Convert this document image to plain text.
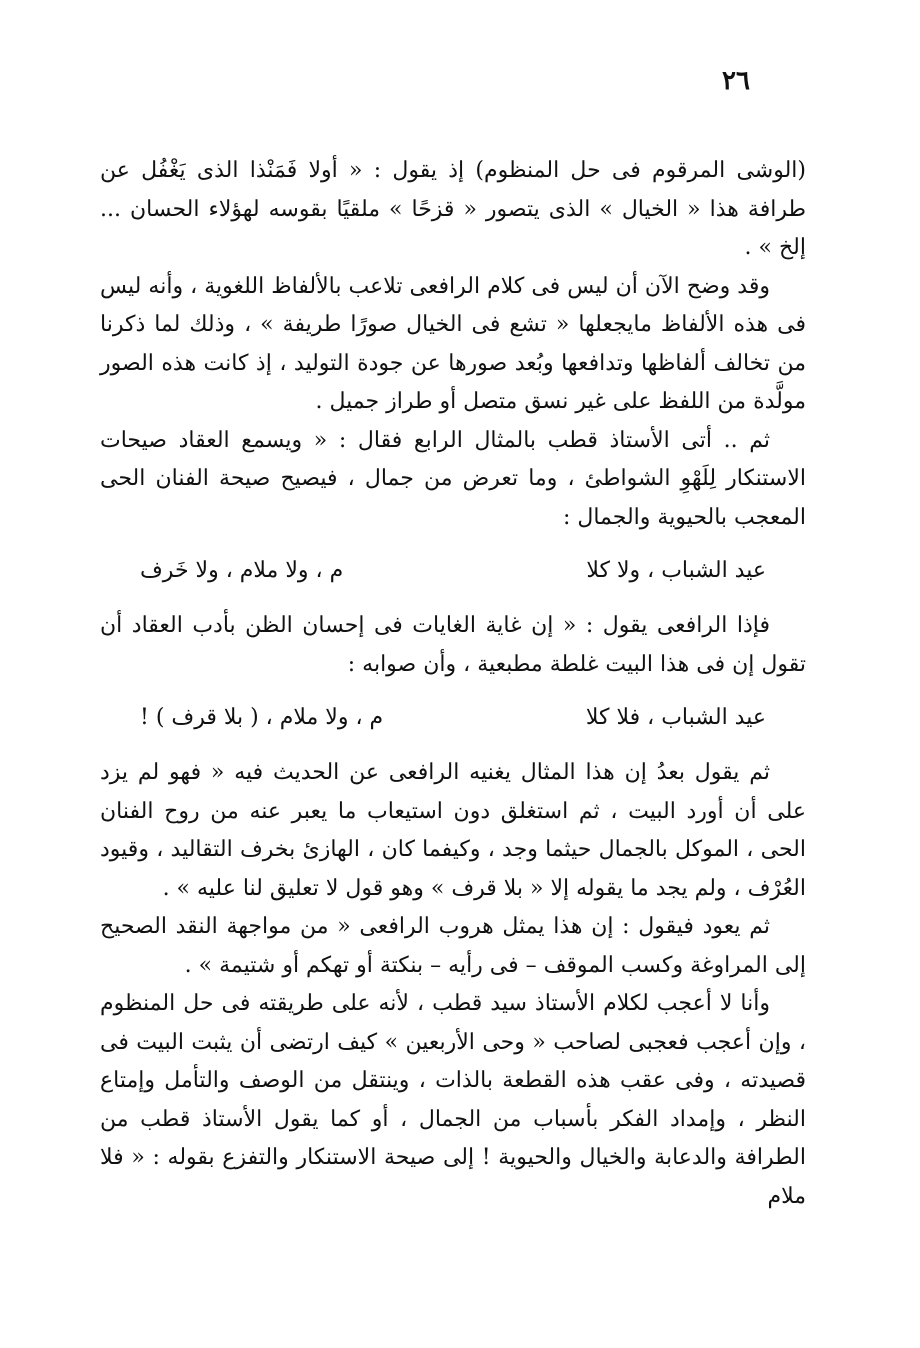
٢٦

(الوشى المرقوم فى حل المنظوم) إذ يقول : « أولا فَمَنْذا الذى يَغْفُل عن طرافة هذا « الخيال » الذى يتصور « قزحًا » ملقيًا بقوسه لهؤلاء الحسان ... إلخ » .

وقد وضح الآن أن ليس فى كلام الرافعى تلاعب بالألفاظ اللغوية ، وأنه ليس فى هذه الألفاظ مايجعلها « تشع فى الخيال صورًا طريفة » ، وذلك لما ذكرنا من تخالف ألفاظها وتدافعها وبُعد صورها عن جودة التوليد ، إذ كانت هذه الصور مولَّدة من اللفظ على غير نسق متصل أو طراز جميل .

ثم .. أتى الأستاذ قطب بالمثال الرابع فقال : « ويسمع العقاد صيحات الاستنكار لِلَهْوِ الشواطئ ، وما تعرض من جمال ، فيصيح صيحة الفنان الحى المعجب بالحيوية والجمال :

عيد الشباب ، ولا كلا
م ، ولا ملام ، ولا خَرف

فإذا الرافعى يقول : « إن غاية الغايات فى إحسان الظن بأدب العقاد أن تقول إن فى هذا البيت غلطة مطبعية ، وأن صوابه :

عيد الشباب ، فلا كلا
م ، ولا ملام ، ( بلا قرف ) !

ثم يقول بعدُ إن هذا المثال يغنيه الرافعى عن الحديث فيه « فهو لم يزد على أن أورد البيت ، ثم استغلق دون استيعاب ما يعبر عنه من روح الفنان الحى ، الموكل بالجمال حيثما وجد ، وكيفما كان ، الهازئ بخرف التقاليد ، وقيود العُرْف ، ولم يجد ما يقوله إلا « بلا قرف » وهو قول لا تعليق لنا عليه » .

ثم يعود فيقول : إن هذا يمثل هروب الرافعى « من مواجهة النقد الصحيح إلى المراوغة وكسب الموقف – فى رأيه – بنكتة أو تهكم أو شتيمة » .

وأنا لا أعجب لكلام الأستاذ سيد قطب ، لأنه على طريقته فى حل المنظوم ، وإن أعجب فعجبى لصاحب « وحى الأربعين » كيف ارتضى أن يثبت البيت فى قصيدته ، وفى عقب هذه القطعة بالذات ، وينتقل من الوصف والتأمل وإمتاع النظر ، وإمداد الفكر بأسباب من الجمال ، أو كما يقول الأستاذ قطب من الطرافة والدعابة والخيال والحيوية ! إلى صيحة الاستنكار والتفزع بقوله : « فلا ملام
